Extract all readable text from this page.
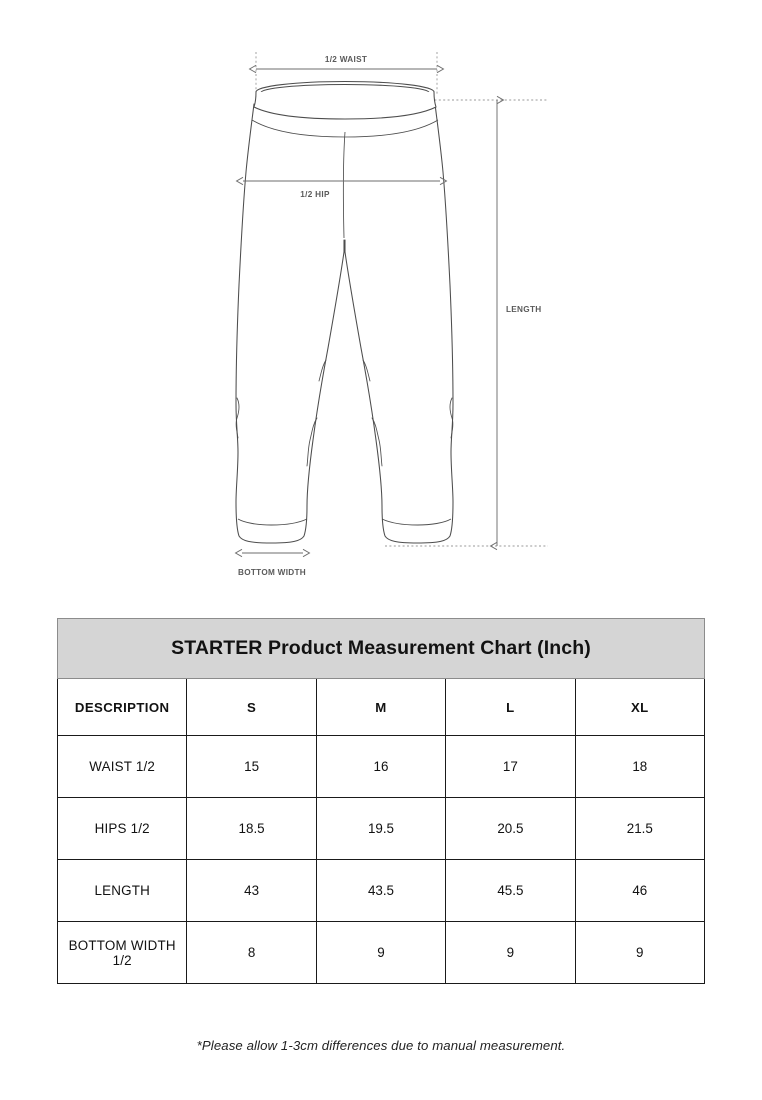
1/2 WAIST
1/2 HIP
LENGTH
BOTTOM WIDTH
STARTER Product Measurement Chart (Inch)				
DESCRIPTION	S	M	L	XL
WAIST 1/2	15	16	17	18
HIPS 1/2	18.5	19.5	20.5	21.5
LENGTH	43	43.5	45.5	46
BOTTOM WIDTH 1/2	8	9	9	9
*Please allow 1-3cm differences due to manual measurement.
